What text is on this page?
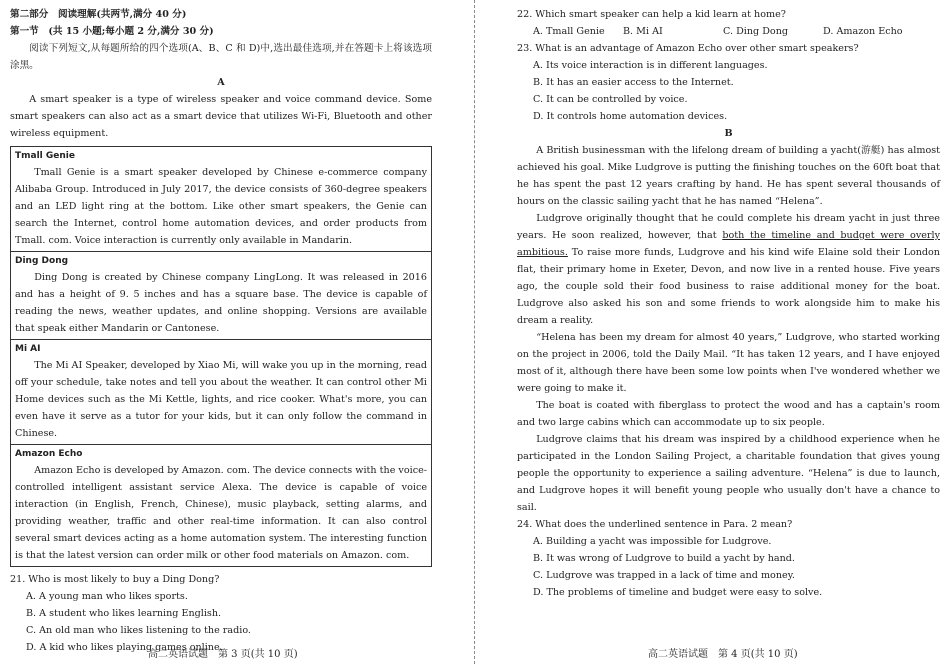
第二部分　阅读理解(共两节,满分 40 分)

第一节　(共 15 小题;每小题 2 分,满分 30 分)

阅读下列短文,从每题所给的四个选项(A、B、C 和 D)中,选出最佳选项,并在答题卡上将该选项涂黑。

A

A smart speaker is a type of wireless speaker and voice command device. Some smart speakers can also act as a smart device that utilizes Wi-Fi, Bluetooth and other wireless equipment.

Tmall Genie

Tmall Genie is a smart speaker developed by Chinese e-commerce company Alibaba Group. Introduced in July 2017, the device consists of 360-degree speakers and an LED light ring at the bottom. Like other smart speakers, the Genie can search the Internet, control home automation devices, and order products from Tmall. com. Voice interaction is currently only available in Mandarin.

Ding Dong

Ding Dong is created by Chinese company LingLong. It was released in 2016 and has a height of 9. 5 inches and has a square base. The device is capable of reading the news, weather updates, and online shopping. Versions are available that speak either Mandarin or Cantonese.

Mi AI

The Mi AI Speaker, developed by Xiao Mi, will wake you up in the morning, read off your schedule, take notes and tell you about the weather. It can control other Mi Home devices such as the Mi Kettle, lights, and rice cooker. What's more, you can even have it serve as a tutor for your kids, but it can only follow the command in Chinese.

Amazon Echo

Amazon Echo is developed by Amazon. com. The device connects with the voice-controlled intelligent assistant service Alexa. The device is capable of voice interaction (in English, French, Chinese), music playback, setting alarms, and providing weather, traffic and other real-time information. It can also control several smart devices acting as a home automation system. The interesting function is that the latest version can order milk or other food materials on Amazon. com.

21. Who is most likely to buy a Ding Dong?

A. A young man who likes sports.

B. A student who likes learning English.

C. An old man who likes listening to the radio.

D. A kid who likes playing games online.

22. Which smart speaker can help a kid learn at home?

A. Tmall Genie	B. Mi AI	C. Ding Dong	D. Amazon Echo

23. What is an advantage of Amazon Echo over other smart speakers?

A. Its voice interaction is in different languages.

B. It has an easier access to the Internet.

C. It can be controlled by voice.

D. It controls home automation devices.

B

A British businessman with the lifelong dream of building a yacht(游艇) has almost achieved his goal. Mike Ludgrove is putting the finishing touches on the 60ft boat that he has spent the past 12 years crafting by hand. He has spent several thousands of hours on the classic sailing yacht that he has named “Helena”.

Ludgrove originally thought that he could complete his dream yacht in just three years. He soon realized, however, that both the timeline and budget were overly ambitious. To raise more funds, Ludgrove and his kind wife Elaine sold their London flat, their primary home in Exeter, Devon, and now live in a rented house. Five years ago, the couple sold their food business to raise additional money for the boat. Ludgrove also asked his son and some friends to work alongside him to make his dream a reality.

“Helena has been my dream for almost 40 years,” Ludgrove, who started working on the project in 2006, told the Daily Mail. “It has taken 12 years, and I have enjoyed most of it, although there have been some low points when I've wondered whether we were going to make it.

The boat is coated with fiberglass to protect the wood and has a captain's room and two large cabins which can accommodate up to six people.

Ludgrove claims that his dream was inspired by a childhood experience when he participated in the London Sailing Project, a charitable foundation that gives young people the opportunity to experience a sailing adventure. “Helena” is due to launch, and Ludgrove hopes it will benefit young people who usually don't have a chance to sail.

24. What does the underlined sentence in Para. 2 mean?

A. Building a yacht was impossible for Ludgrove.

B. It was wrong of Ludgrove to build a yacht by hand.

C. Ludgrove was trapped in a lack of time and money.

D. The problems of timeline and budget were easy to solve.

高二英语试题　第 3 页(共 10 页)	高二英语试题　第 4 页(共 10 页)
